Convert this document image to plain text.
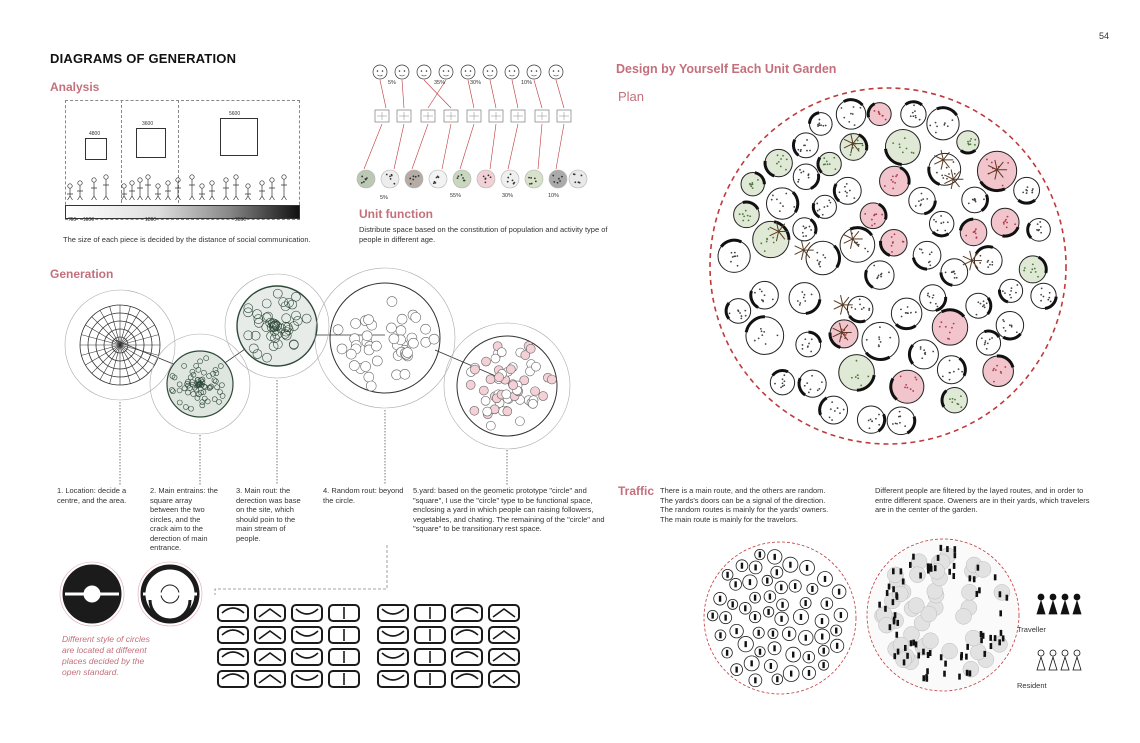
54
DIAGRAMS OF GENERATION
Analysis
4800
3600
5600
750 1500	1800	2500
The size of each piece is decided by the distance of social communication.
5%	35%	30%	10%
5%	55%	30%	10%
Unit function
Distribute space based on the constitution of population and activity type of people in different age.
Generation
1. Location: decide a centre, and the area.
2. Main entrains: the square array between the two circles, and the crack aim to the derection of main entrance.
3. Main rout: the derection was base on the site, which should poin to the main stream of people.
4. Random rout: beyond the circle.
5.yard: based on the geometic prototype "circle" and "square", I use the "circle" type to be functional space, enclosing a yard in which people can raising followers, vegetables, and chating. The remaining of the "circle" and "square" to be transitionary rest space.
Different style of circles are located at different places decided by the open standard.
Design by Yourself Each Unit Garden
Plan
Traffic There is a main route, and the others are random. The yards's doors can be a signal of the direction. The random routes is mainly for the yards' owners. The main route is mainly for the travelors.
Different people are filtered by the layed routes, and in order to entre different space. Oweners are in their yards, which travelers are in the center of the garden.
Traveller
Resident
